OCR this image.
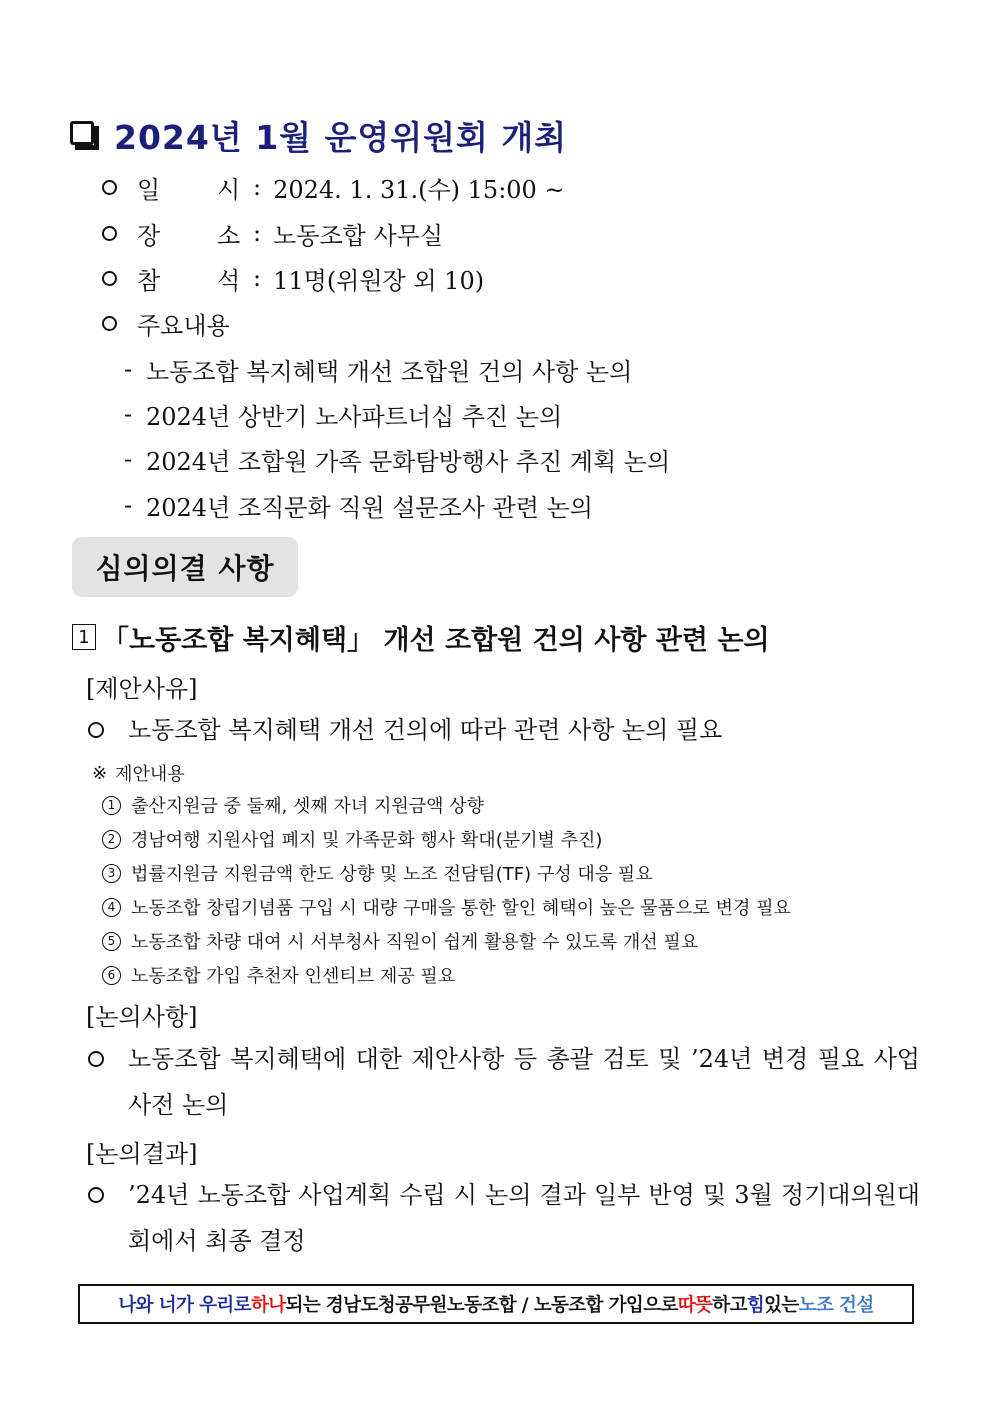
2024년 1월 운영위원회 개최
일	시 : 2024. 1. 31.(수) 15:00 ~
장	소 : 노동조합 사무실
참	석 : 11명(위원장 외 10)
주요내용
- 노동조합 복지혜택 개선 조합원 건의 사항 논의
- 2024년 상반기 노사파트너십 추진 논의
- 2024년 조합원 가족 문화탐방행사 추진 계획 논의
- 2024년 조직문화 직원 설문조사 관련 논의
심의의결 사항
1 「노동조합 복지혜택」 개선 조합원 건의 사항 관련 논의
[제안사유]
노동조합 복지혜택 개선 건의에 따라 관련 사항 논의 필요
※ 제안내용
1 출산지원금 중 둘째, 셋째 자녀 지원금액 상향
2 경남여행 지원사업 폐지 및 가족문화 행사 확대(분기별 추진)
3 법률지원금 지원금액 한도 상향 및 노조 전담팀(TF) 구성 대응 필요
4 노동조합 창립기념품 구입 시 대량 구매을 통한 할인 혜택이 높은 물품으로 변경 필요
5 노동조합 차량 대여 시 서부청사 직원이 쉽게 활용할 수 있도록 개선 필요
6 노동조합 가입 추천자 인센티브 제공 필요
[논의사항]
노동조합 복지혜택에 대한 제안사항 등 총괄 검토 및 ’24년 변경 필요 사업 사전 논의
[논의결과]
’24년 노동조합 사업계획 수립 시 논의 결과 일부 반영 및 3월 정기대의원대회에서 최종 결정
나와 너가 우리로 하나 되는 경남도청공무원노동조합 / 노동조합 가입으로 따뜻 하고 힘 있는 노조 건설
